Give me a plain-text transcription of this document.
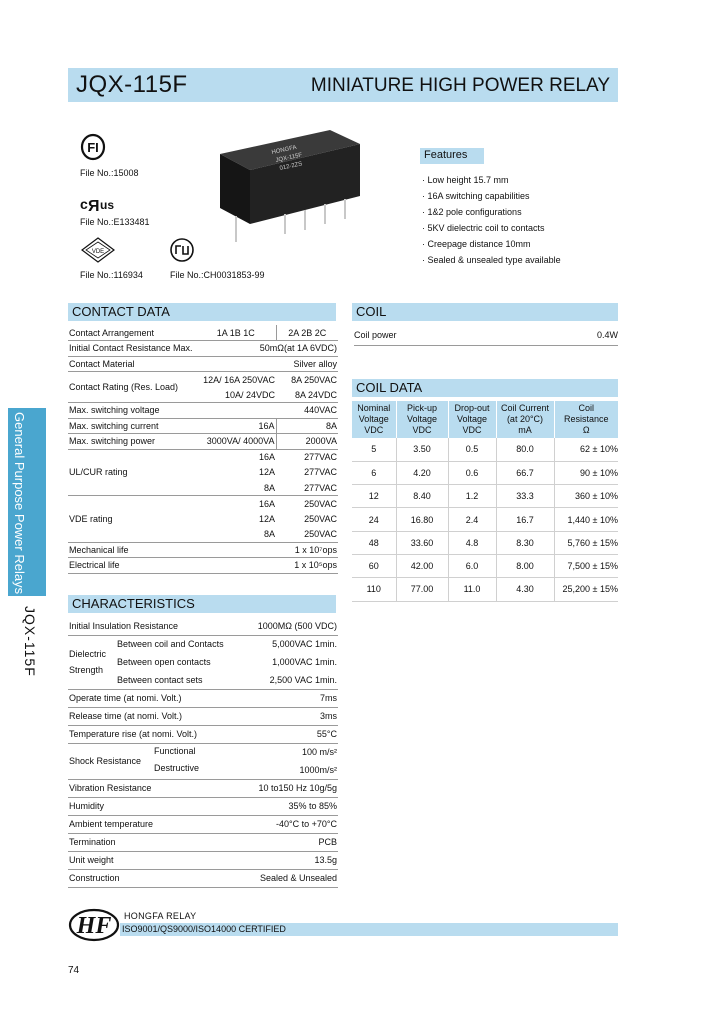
JQX-115F	MINIATURE HIGH POWER RELAY
General Purpose Power Relays
JQX-115F
FI
File No.:15008
c Я us
File No.:E133481
VDE
File No.:116934	File No.:CH0031853-99
HONGFA
JQX-115F
012-2ZS
Features
· Low height 15.7 mm
· 16A switching capabilities
· 1&2 pole configurations
· 5KV dielectric coil to contacts
· Creepage distance 10mm
· Sealed & unsealed type available
CONTACT DATA
Contact Arrangement	1A 1B 1C	2A 2B 2C
Initial Contact Resistance Max.	50mΩ(at 1A 6VDC)	
Contact Material	Silver alloy	
Contact Rating (Res. Load)	12A/ 16A 250VAC	8A 250VAC
	10A/ 24VDC	8A 24VDC
Max. switching voltage	440VAC	
Max. switching current	16A	8A
Max. switching power	3000VA/ 4000VA	2000VA
UL/CUR rating	16A	277VAC
	12A	277VAC
	8A	277VAC
VDE rating	16A	250VAC
	12A	250VAC
	8A	250VAC
Mechanical life	1 x 10⁷ops	
Electrical life	1 x 10⁵ops	
CHARACTERISTICS
Initial Insulation Resistance		1000MΩ (500 VDC)
Dielectric
Strength	Between coil and Contacts	5,000VAC 1min.
	Between open contacts	1,000VAC 1min.
	Between contact sets	2,500 VAC 1min.
Operate time (at nomi. Volt.)		7ms
Release time (at nomi. Volt.)		3ms
Temperature rise (at nomi. Volt.)		55°C
Shock Resistance		Functional 100 m/s²

		Destructive 1000m/s²

Vibration Resistance		10 to150 Hz 10g/5g
Humidity		35% to 85%
Ambient temperature		-40°C to +70°C
Termination		PCB
Unit weight		13.5g
Construction		Sealed & Unsealed
COIL
Coil power	0.4W
COIL DATA
Nominal
Voltage
VDC	Pick-up
Voltage
VDC	Drop-out
Voltage
VDC	Coil Current
(at 20°C)
mA	Coil
Resistance
Ω
5	3.50	0.5	80.0	62 ± 10%
6	4.20	0.6	66.7	90 ± 10%
12	8.40	1.2	33.3	360 ± 10%
24	16.80	2.4	16.7	1,440 ± 10%
48	33.60	4.8	8.30	5,760 ± 15%
60	42.00	6.0	8.00	7,500 ± 15%
110	77.00	11.0	4.30	25,200 ± 15%
HF HONGFA RELAY
ISO9001/QS9000/ISO14000 CERTIFIED
74
